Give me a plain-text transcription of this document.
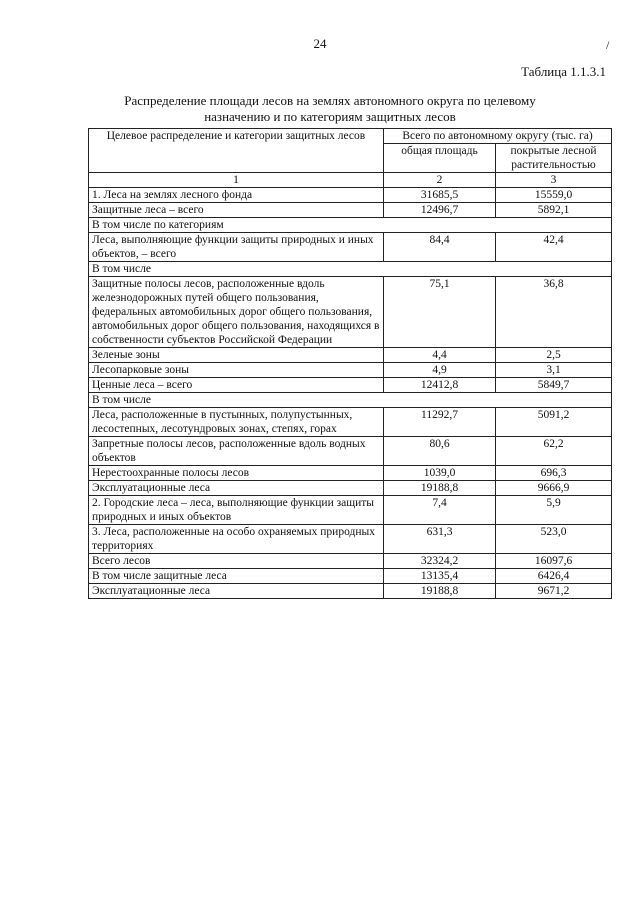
24	/
Таблица 1.1.3.1
Распределение площади лесов на землях автономного округа по целевому
назначению и по категориям защитных лесов
Целевое распределение и категории защитных лесов	Всего по автономному округу (тыс. га)	
	общая площадь	покрытые лесной растительностью
1	2	3
1. Леса на землях лесного фонда	31685,5	15559,0
Защитные леса – всего	12496,7	5892,1
В том числе по категориям		
Леса, выполняющие функции защиты природных и иных объектов, – всего	84,4	42,4
В том числе		
Защитные полосы лесов, расположенные вдоль железнодорожных путей общего пользования, федеральных автомобильных дорог общего пользования, автомобильных дорог общего пользования, находящихся в собственности субъектов Российской Федерации	75,1	36,8
Зеленые зоны	4,4	2,5
Лесопарковые зоны	4,9	3,1
Ценные леса – всего	12412,8	5849,7
В том числе		
Леса, расположенные в пустынных, полупустынных, лесостепных, лесотундровых зонах, степях, горах	11292,7	5091,2
Запретные полосы лесов, расположенные вдоль водных объектов	80,6	62,2
Нерестоохранные полосы лесов	1039,0	696,3
Эксплуатационные леса	19188,8	9666,9
2. Городские леса – леса, выполняющие функции защиты природных и иных объектов	7,4	5,9
3. Леса, расположенные на особо охраняемых природных территориях	631,3	523,0
Всего лесов	32324,2	16097,6
В том числе защитные леса	13135,4	6426,4
Эксплуатационные леса	19188,8	9671,2
